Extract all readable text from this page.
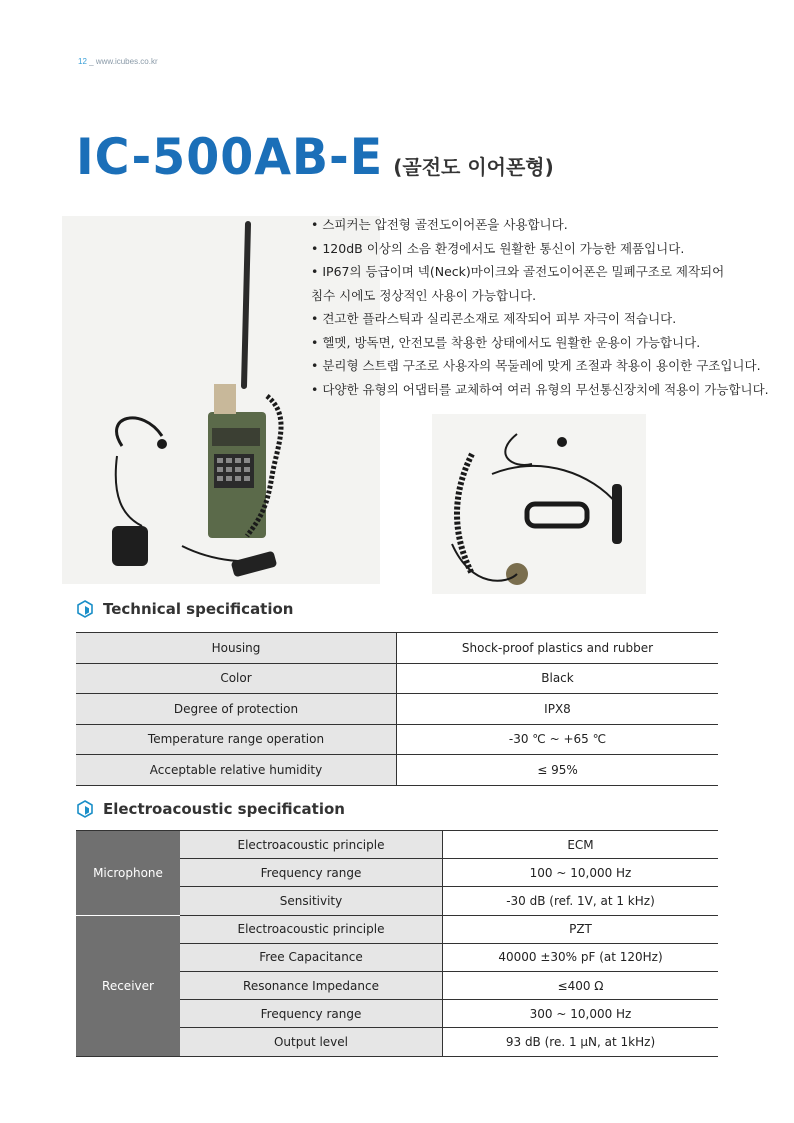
12 _ www.icubes.co.kr
IC-500AB-E (골전도 이어폰형)
• 스피커는 압전형 골전도이어폰을 사용합니다.
• 120dB 이상의 소음 환경에서도 원활한 통신이 가능한 제품입니다.
• IP67의 등급이며 넥(Neck)마이크와 골전도이어폰은 밀폐구조로 제작되어
침수 시에도 정상적인 사용이 가능합니다.
• 견고한 플라스틱과 실리콘소재로 제작되어 피부 자극이 적습니다.
• 헬멧, 방독면, 안전모를 착용한 상태에서도 원활한 운용이 가능합니다.
• 분리형 스트랩 구조로 사용자의 목둘레에 맞게 조절과 착용이 용이한 구조입니다.
• 다양한 유형의 어댑터를 교체하여 여러 유형의 무선통신장치에 적용이 가능합니다.
Technical specification
Housing	Shock-proof plastics and rubber
Color	Black
Degree of protection	IPX8
Temperature range operation	-30 ℃ ~ +65 ℃
Acceptable relative humidity	≤ 95%
Electroacoustic specification
Microphone	Electroacoustic principle	ECM
	Frequency range	100 ~ 10,000 Hz
	Sensitivity	-30 dB (ref. 1V, at 1 kHz)
Receiver	Electroacoustic principle	PZT
	Free Capacitance	40000 ±30% pF (at 120Hz)
	Resonance Impedance	≤400 Ω
	Frequency range	300 ~ 10,000 Hz
	Output level	93 dB (re. 1 μN, at 1kHz)
